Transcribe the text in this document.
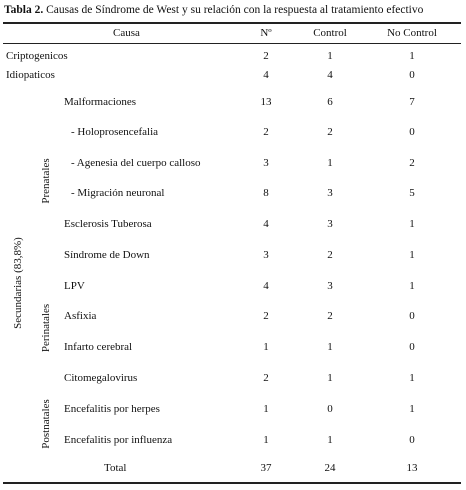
Tabla 2. Causas de Síndrome de West y su relación con la respuesta al tratamiento efectivo
Causa	Nº	Control	No Control
Secundarias (83,8%)
Prenatales
Perinatales
Postnatales
Criptogenicos	2	1	1
Idiopaticos	4	4	0
Malformaciones	13	6	7
- Holoprosencefalia	2	2	0
- Agenesia del cuerpo calloso	3	1	2
- Migración neuronal	8	3	5
Esclerosis Tuberosa	4	3	1
Síndrome de Down	3	2	1
LPV	4	3	1
Asfixia	2	2	0
Infarto cerebral	1	1	0
Citomegalovirus	2	1	1
Encefalitis por herpes	1	0	1
Encefalitis por influenza	1	1	0
Total	37	24	13
